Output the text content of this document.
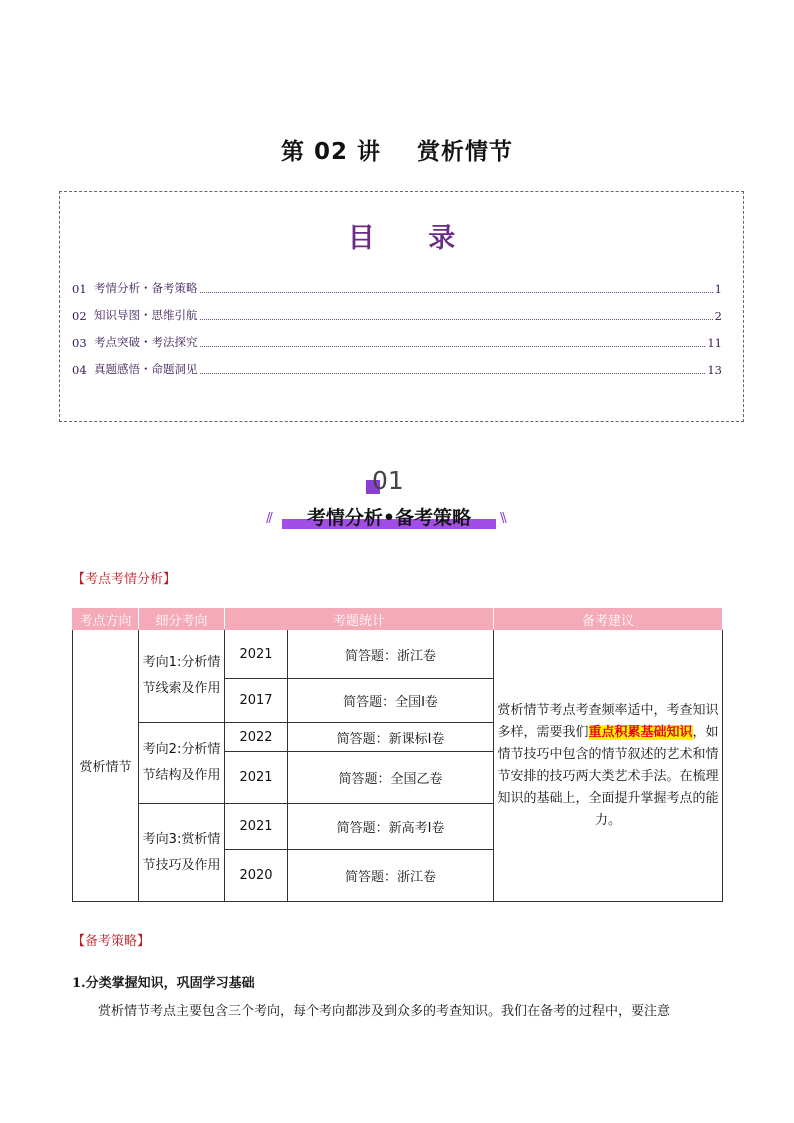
第 02 讲    赏析情节
目 录
01 考情分析・备考策略	1
02 知识导图・思维引航	2
03 考点突破・考法探究	11
04 真题感悟・命题洞见	13
01
//	考情分析•备考策略	\\
【考点考情分析】
考点方向	细分考向	考题统计		备考建议
赏析情节	考向1:分析情节线索及作用	2021	简答题：浙江卷	赏析情节考点考查频率适中，考查知识多样，需要我们重点积累基础知识，如情节技巧中包含的情节叙述的艺术和情节安排的技巧两大类艺术手法。在梳理知识的基础上，全面提升掌握考点的能力。
		2017	简答题：全国Ⅰ卷	
	考向2:分析情节结构及作用	2022	简答题：新课标Ⅰ卷	
		2021	简答题：全国乙卷	
	考向3:赏析情节技巧及作用	2021	简答题：新高考Ⅰ卷	
		2020	简答题：浙江卷	
【备考策略】
1.分类掌握知识，巩固学习基础
赏析情节考点主要包含三个考向，每个考向都涉及到众多的考查知识。我们在备考的过程中，要注意
